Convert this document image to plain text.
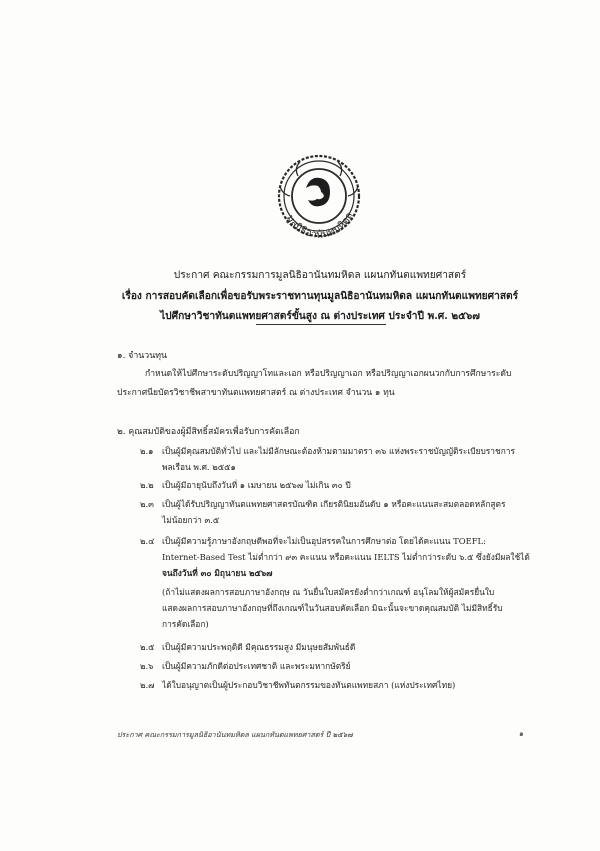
มูลนิธิอานันทมหิดล
ประกาศ คณะกรรมการมูลนิธิอานันทมหิดล แผนกทันตแพทยศาสตร์
เรื่อง การสอบคัดเลือกเพื่อขอรับพระราชทานทุนมูลนิธิอานันทมหิดล แผนกทันตแพทยศาสตร์
ไปศึกษาวิชาทันตแพทยศาสตร์ขั้นสูง ณ ต่างประเทศ ประจำปี พ.ศ. ๒๕๖๗
๑. จำนวนทุน
กำหนดให้ไปศึกษาระดับปริญญาโทและเอก หรือปริญญาเอก หรือปริญญาเอกผนวกกับการศึกษาระดับ
ประกาศนียบัตรวิชาชีพสาขาทันตแพทยศาสตร์ ณ ต่างประเทศ จำนวน ๑ ทุน
๒. คุณสมบัติของผู้มีสิทธิ์สมัครเพื่อรับการคัดเลือก
๒.๑ เป็นผู้มีคุณสมบัติทั่วไป และไม่มีลักษณะต้องห้ามตามมาตรา ๓๖ แห่งพระราชบัญญัติระเบียบราชการ
พลเรือน พ.ศ. ๒๕๕๑
๒.๒ เป็นผู้มีอายุนับถึงวันที่ ๑ เมษายน ๒๕๖๗ ไม่เกิน ๓๐ ปี
๒.๓ เป็นผู้ได้รับปริญญาทันตแพทยศาสตรบัณฑิต เกียรตินิยมอันดับ ๑ หรือคะแนนสะสมตลอดหลักสูตร
ไม่น้อยกว่า ๓.๕
๒.๔ เป็นผู้มีความรู้ภาษาอังกฤษดีพอที่จะไม่เป็นอุปสรรคในการศึกษาต่อ โดยได้คะแนน TOEFL:
Internet-Based Test ไม่ต่ำกว่า ๙๓ คะแนน หรือคะแนน IELTS ไม่ต่ำกว่าระดับ ๖.๕ ซึ่งยังมีผลใช้ได้
จนถึงวันที่ ๓๐ มิถุนายน ๒๕๖๗
(ถ้าไม่แสดงผลการสอบภาษาอังกฤษ ณ วันยื่นใบสมัครยังต่ำกว่าเกณฑ์ อนุโลมให้ผู้สมัครยื่นใบ
แสดงผลการสอบภาษาอังกฤษที่ถึงเกณฑ์ในวันสอบคัดเลือก มิฉะนั้นจะขาดคุณสมบัติ ไม่มีสิทธิ์รับ
การคัดเลือก)
๒.๕ เป็นผู้มีความประพฤติดี มีคุณธรรมสูง มีมนุษยสัมพันธ์ดี
๒.๖ เป็นผู้มีความภักดีต่อประเทศชาติ และพระมหากษัตริย์
๒.๗ ได้ใบอนุญาตเป็นผู้ประกอบวิชาชีพทันตกรรมของทันตแพทยสภา (แห่งประเทศไทย)
ประกาศ คณะกรรมการมูลนิธิอานันทมหิดล แผนกทันตแพทยศาสตร์ ปี ๒๕๖๗	๑
